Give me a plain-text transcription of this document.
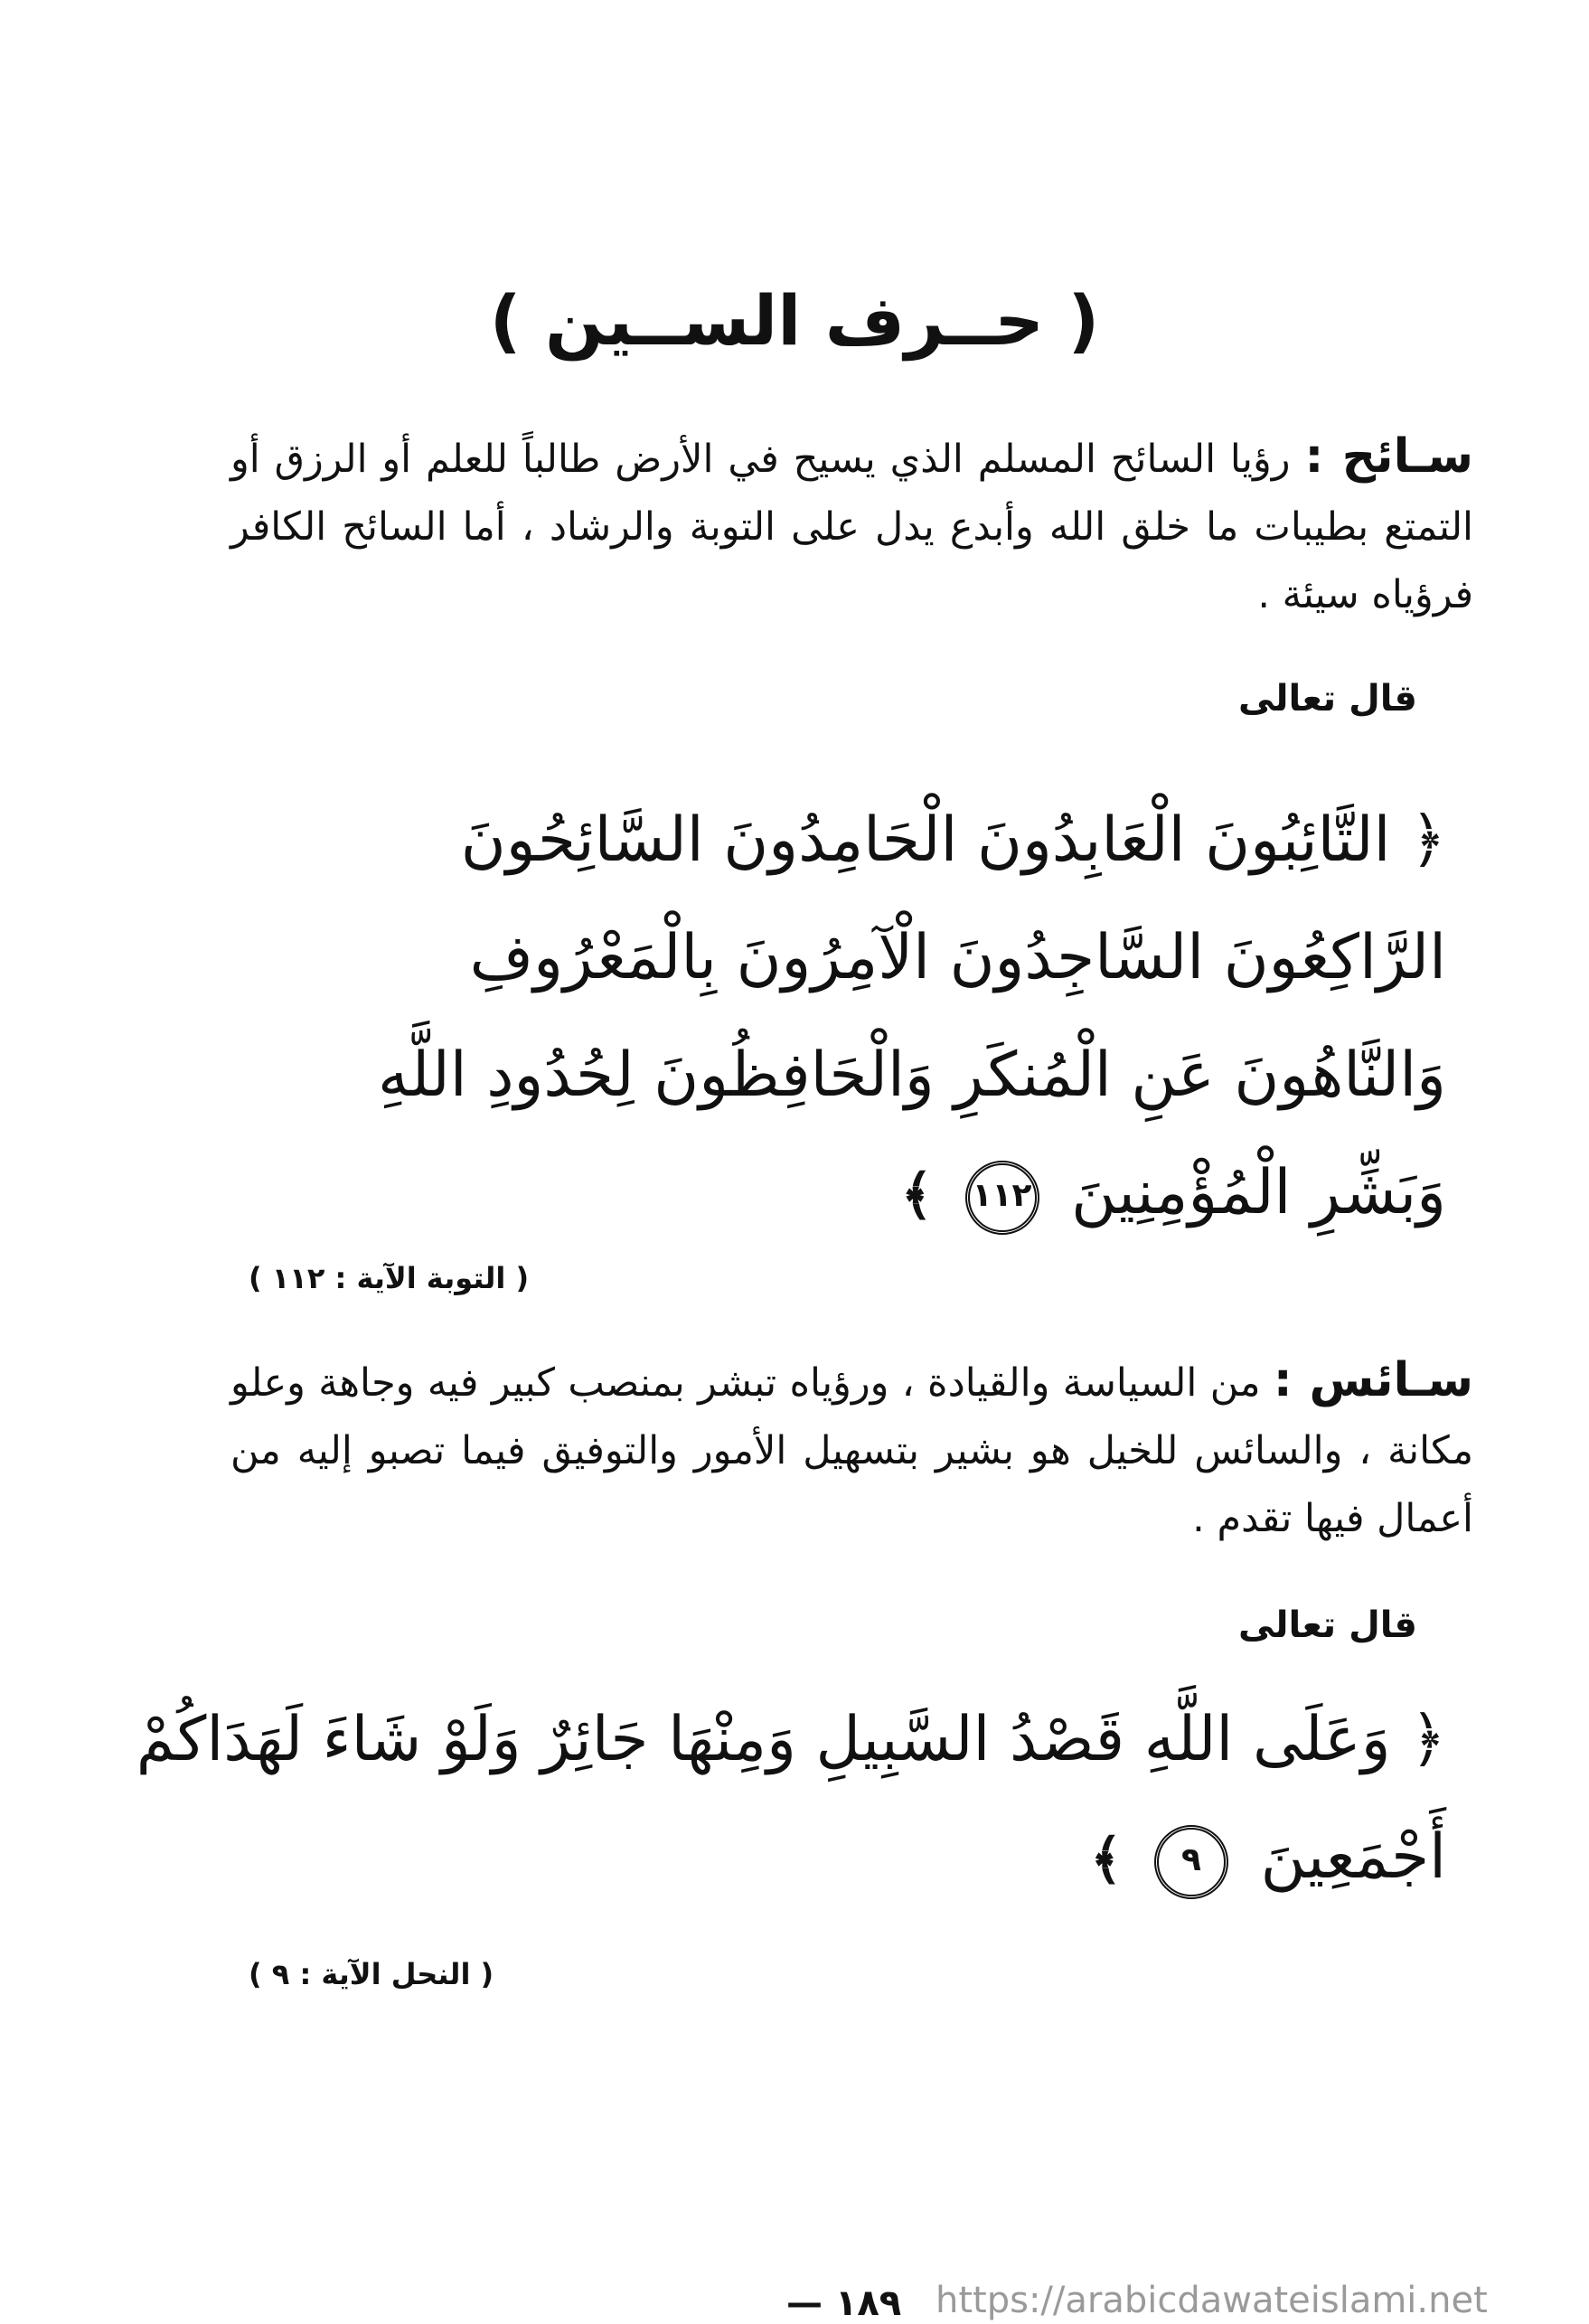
( حــرف الســين )
سـائح : رؤيا السائح المسلم الذي يسيح في الأرض طالباً للعلم أو الرزق أو التمتع بطيبات ما خلق الله وأبدع يدل على التوبة والرشاد ، أما السائح الكافر فرؤياه سيئة .
قال تعالى
﴿ التَّائِبُونَ الْعَابِدُونَ الْحَامِدُونَ السَّائِحُونَ
الرَّاكِعُونَ السَّاجِدُونَ الْآمِرُونَ بِالْمَعْرُوفِ
وَالنَّاهُونَ عَنِ الْمُنكَرِ وَالْحَافِظُونَ لِحُدُودِ اللَّهِ
وَبَشِّرِ الْمُؤْمِنِينَ ١١٢ ﴾
( التوبة الآية : ١١٢ )
سـائس : من السياسة والقيادة ، ورؤياه تبشر بمنصب كبير فيه وجاهة وعلو مكانة ، والسائس للخيل هو بشير بتسهيل الأمور والتوفيق فيما تصبو إليه من أعمال فيها تقدم .
قال تعالى
﴿ وَعَلَى اللَّهِ قَصْدُ السَّبِيلِ وَمِنْهَا جَائِرٌ وَلَوْ شَاءَ لَهَدَاكُمْ
أَجْمَعِينَ ٩ ﴾
( النحل الآية : ٩ )
— ١٨٩ https://arabicdawateislami.net
